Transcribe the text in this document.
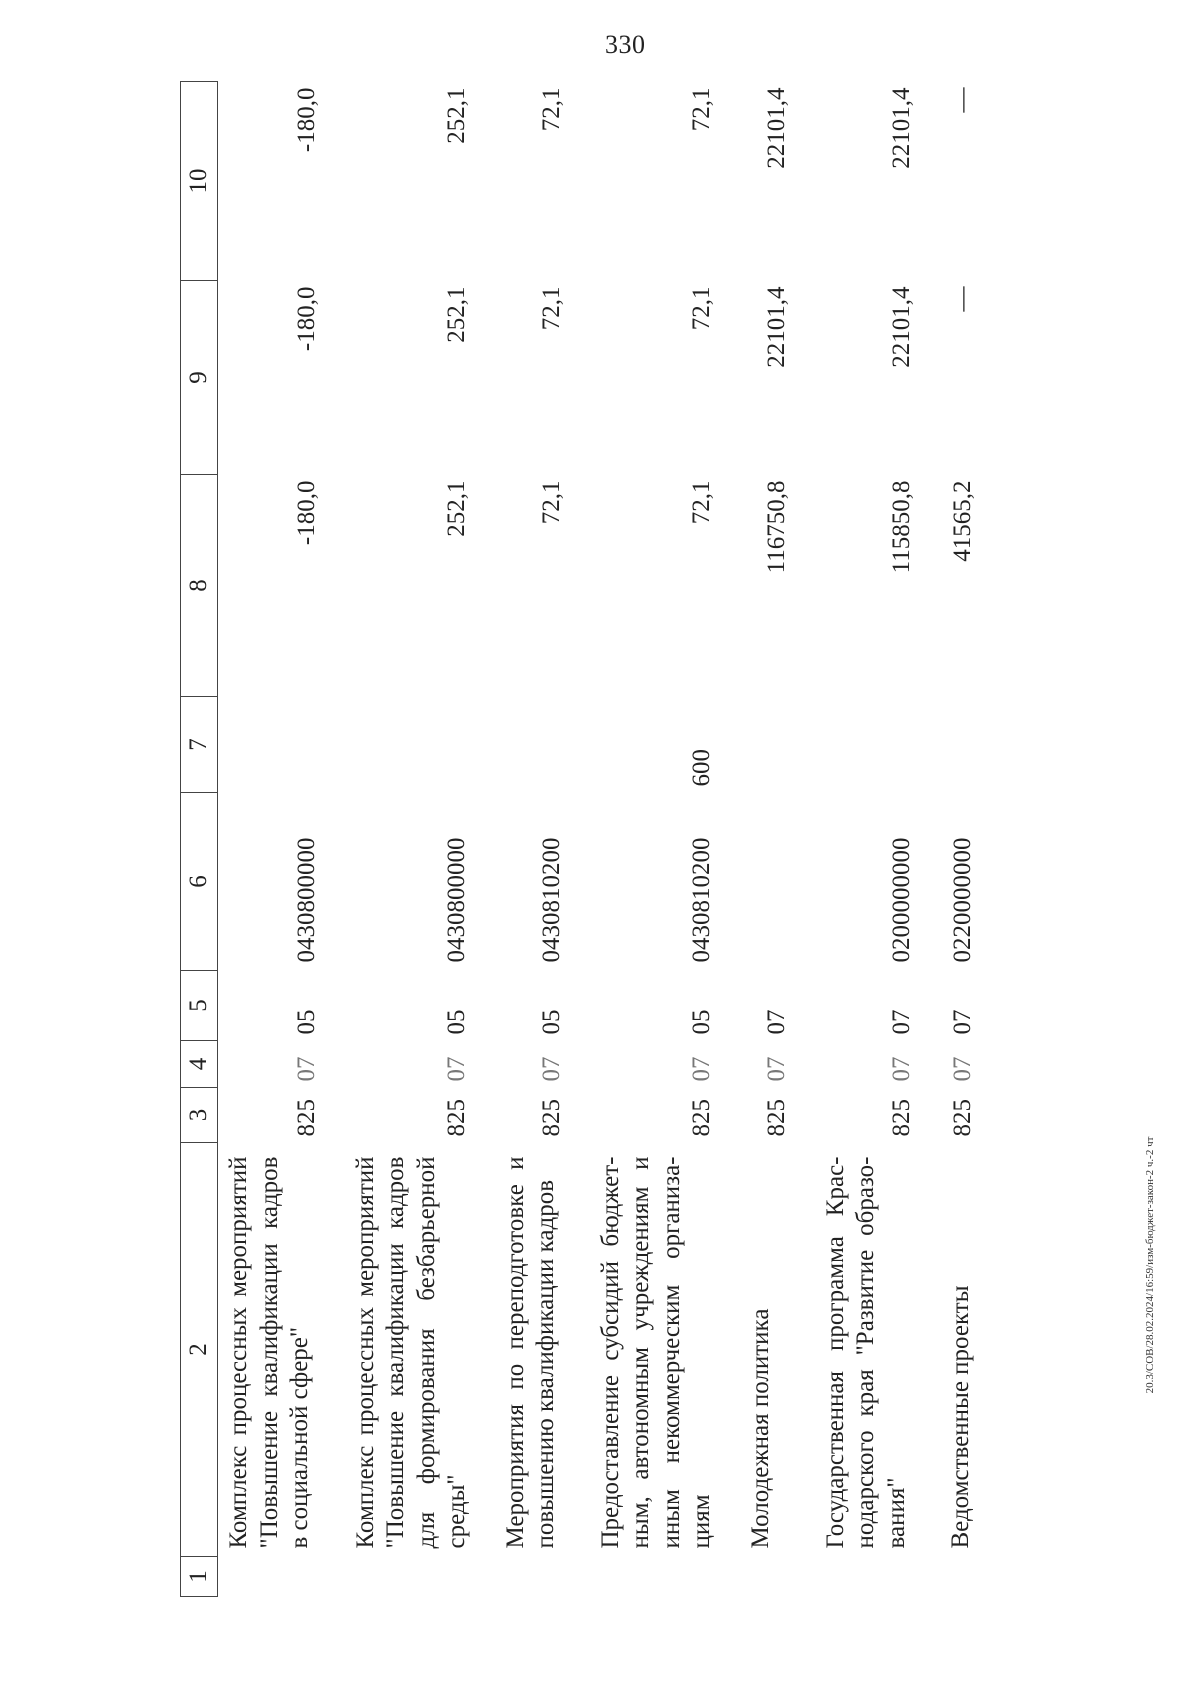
330
1	2	3	4	5	6	7	8	9	10
	Комплекс процессных мероприятий "Повышение квалификации кадров в социальной сфере"	825	07	05	0430800000		-180,0	-180,0	-180,0
	Комплекс процессных мероприятий "Повышение квалификации кадров для формирования безбарьерной среды"	825	07	05	0430800000		252,1	252,1	252,1
	Мероприятия по переподготовке и повышению квалификации кадров	825	07	05	0430810200		72,1	72,1	72,1
	Предоставление субсидий бюджетным, автономным учреждениям и иным некоммерческим организациям	825	07	05	0430810200	600	72,1	72,1	72,1
	Молодежная политика	825	07	07			116750,8	22101,4	22101,4
	Государственная программа Краснодарского края "Развитие образования"	825	07	07	0200000000		115850,8	22101,4	22101,4
	Ведомственные проекты	825	07	07	0220000000		41565,2	—	—
20.3/СОВ/28.02.2024/16:59/изм-бюджет-закон-2 ч.-2 чт
